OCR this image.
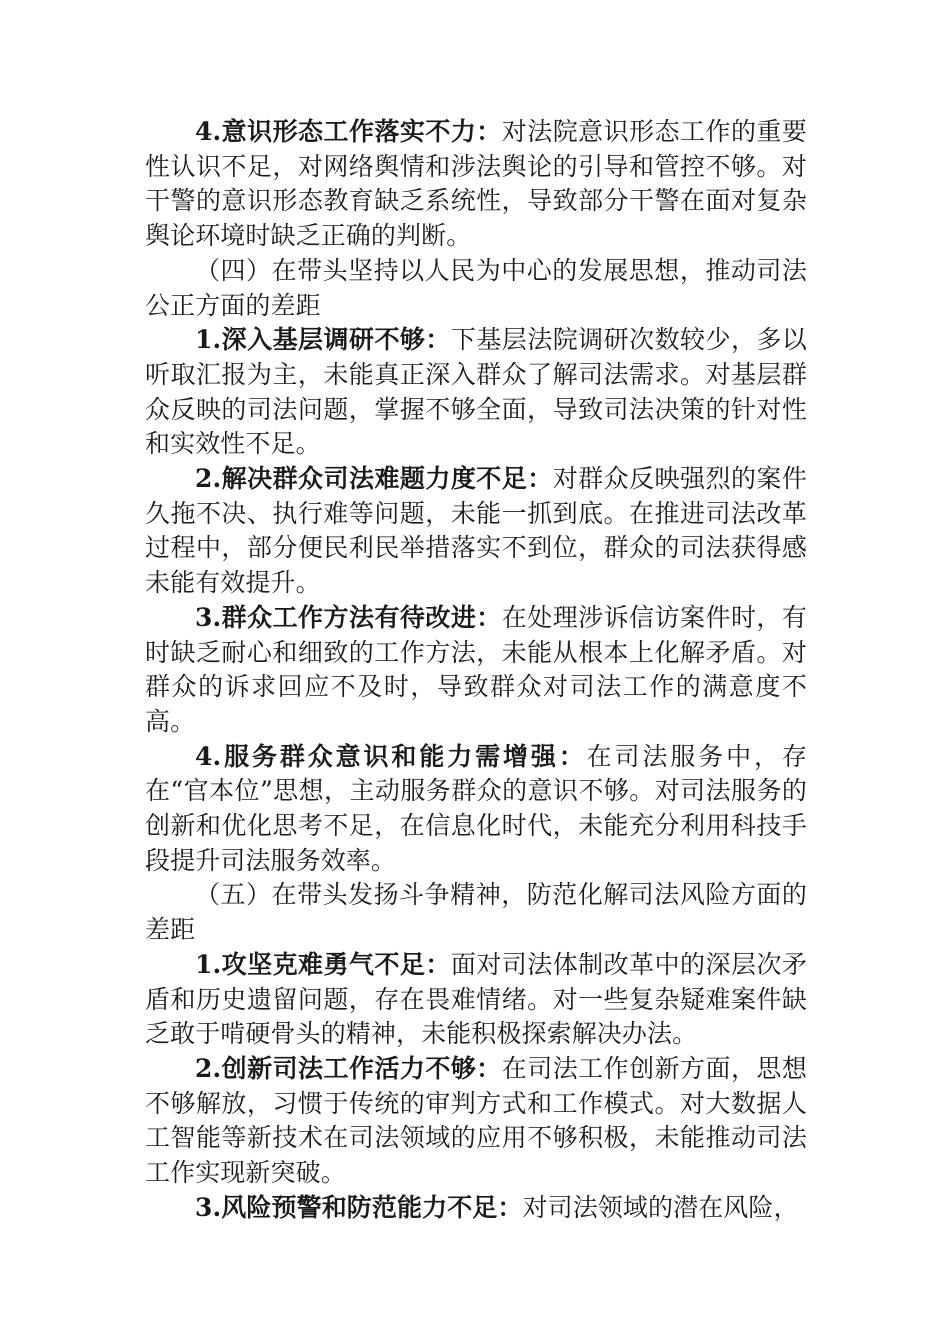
4.意识形态工作落实不力：对法院意识形态工作的重要性认识不足，对网络舆情和涉法舆论的引导和管控不够。对干警的意识形态教育缺乏系统性，导致部分干警在面对复杂舆论环境时缺乏正确的判断。

（四）在带头坚持以人民为中心的发展思想，推动司法公正方面的差距

1.深入基层调研不够：下基层法院调研次数较少，多以听取汇报为主，未能真正深入群众了解司法需求。对基层群众反映的司法问题，掌握不够全面，导致司法决策的针对性和实效性不足。

2.解决群众司法难题力度不足：对群众反映强烈的案件久拖不决、执行难等问题，未能一抓到底。在推进司法改革过程中，部分便民利民举措落实不到位，群众的司法获得感未能有效提升。

3.群众工作方法有待改进：在处理涉诉信访案件时，有时缺乏耐心和细致的工作方法，未能从根本上化解矛盾。对群众的诉求回应不及时，导致群众对司法工作的满意度不高。

4.服务群众意识和能力需增强：在司法服务中，存在“官本位”思想，主动服务群众的意识不够。对司法服务的创新和优化思考不足，在信息化时代，未能充分利用科技手段提升司法服务效率。

（五）在带头发扬斗争精神，防范化解司法风险方面的差距

1.攻坚克难勇气不足：面对司法体制改革中的深层次矛盾和历史遗留问题，存在畏难情绪。对一些复杂疑难案件缺乏敢于啃硬骨头的精神，未能积极探索解决办法。

2.创新司法工作活力不够：在司法工作创新方面，思想不够解放，习惯于传统的审判方式和工作模式。对大数据人工智能等新技术在司法领域的应用不够积极，未能推动司法工作实现新突破。

3.风险预警和防范能力不足：对司法领域的潜在风险，
